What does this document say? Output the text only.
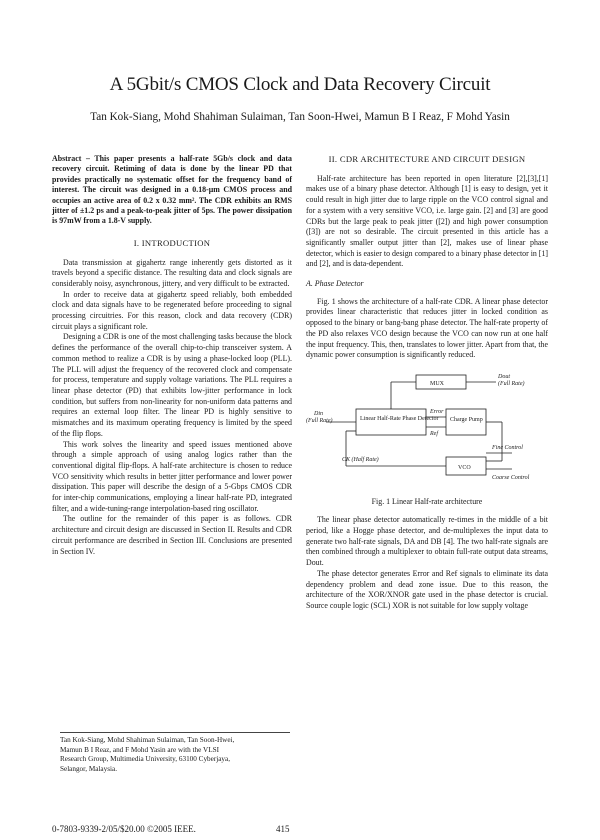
A 5Gbit/s CMOS Clock and Data Recovery Circuit
Tan Kok-Siang, Mohd Shahiman Sulaiman, Tan Soon-Hwei, Mamun B I Reaz, F Mohd Yasin

Abstract – This paper presents a half-rate 5Gb/s clock and data recovery circuit. Retiming of data is done by the linear PD that provides practically no systematic offset for the frequency band of interest. The circuit was designed in a 0.18-μm CMOS process and occupies an active area of 0.2 x 0.32 mm². The CDR exhibits an RMS jitter of ±1.2 ps and a peak-to-peak jitter of 5ps. The power dissipation is 97mW from a 1.8-V supply.

I. INTRODUCTION

Data transmission at gigahertz range inherently gets distorted as it travels beyond a specific distance. The resulting data and clock signals are considerably noisy, asynchronous, jittery, and very difficult to be extracted.

In order to receive data at gigahertz speed reliably, both embedded clock and data signals have to be regenerated before proceeding to signal processing circuitries. For this reason, clock and data recovery (CDR) circuit plays a significant role.

Designing a CDR is one of the most challenging tasks because the block defines the performance of the overall chip-to-chip transceiver system. A common method to realize a CDR is by using a phase-locked loop (PLL). The PLL will adjust the frequency of the recovered clock and compensate for process, temperature and supply voltage variations. The PLL requires a linear phase detector (PD) that exhibits low-jitter performance in lock condition, but suffers from non-linearity for non-uniform data patterns and requires an external loop filter. The linear PD is highly sensitive to mismatches and its maximum operating frequency is limited by the speed of the flip flops.

This work solves the linearity and speed issues mentioned above through a simple approach of using analog logics rather than the conventional digital flip-flops. A half-rate architecture is chosen to reduce VCO sensitivity which results in better jitter performance and lower power dissipation. This paper will describe the design of a 5-Gbps CMOS CDR for inter-chip communications, employing a linear half-rate PD, integrated filter, and a wide-tuning-range interpolation-based ring oscillator.

The outline for the remainder of this paper is as follows. CDR architecture and circuit design are discussed in Section II. Results and CDR circuit performance are described in Section III. Conclusions are presented in Section IV.

Tan Kok-Siang, Mohd Shahiman Sulaiman, Tan Soon-Hwei,

Mamun B I Reaz, and F Mohd Yasin are with the VLSI

Research Group, Multimedia University, 63100 Cyberjaya,

Selangor, Malaysia.

0-7803-9339-2/05/$20.00 ©2005 IEEE.	415

II. CDR ARCHITECTURE AND CIRCUIT DESIGN

Half-rate architecture has been reported in open literature [2],[3],[1] makes use of a binary phase detector. Although [1] is easy to design, yet it could result in high jitter due to large ripple on the VCO control signal and for a system with a very sensitive VCO, i.e. large gain. [2] and [3] are good CDRs but the large peak to peak jitter ([2]) and high power consumption ([3]) are not so desirable. The circuit presented in this article has a significantly smaller output jitter than [2], makes use of linear phase detector, which is easier to design compared to a binary phase detector in [1] and [2], and is data-dependent.

A. Phase Detector

Fig. 1 shows the architecture of a half-rate CDR. A linear phase detector provides linear characteristic that reduces jitter in locked condition as opposed to the binary or bang-bang phase detector. The half-rate property of the PD also relaxes VCO design because the VCO can now run at one half the input frequency. This, then, translates to lower jitter. Apart from that, the dynamic power consumption is significantly reduced.

MUX
Linear Half-Rate Phase Detector Charge Pump
VCO
Din
(Full Rate)
Dout
(Full Rate)
Error
Ref
CK (Half Rate)
Coarse Control
Fine Control

Fig. 1 Linear Half-rate architecture

The linear phase detector automatically re-times in the middle of a bit period, like a Hogge phase detector, and de-multiplexes the input data to generate two half-rate signals, DA and DB [4]. The two half-rate signals are then combined through a multiplexer to obtain full-rate output data streams, Dout.

The phase detector generates Error and Ref signals to eliminate its data dependency problem and dead zone issue. Due to this reason, the architecture of the XOR/XNOR gate used in the phase detector is crucial. Source couple logic (SCL) XOR is not suitable for low supply voltage
